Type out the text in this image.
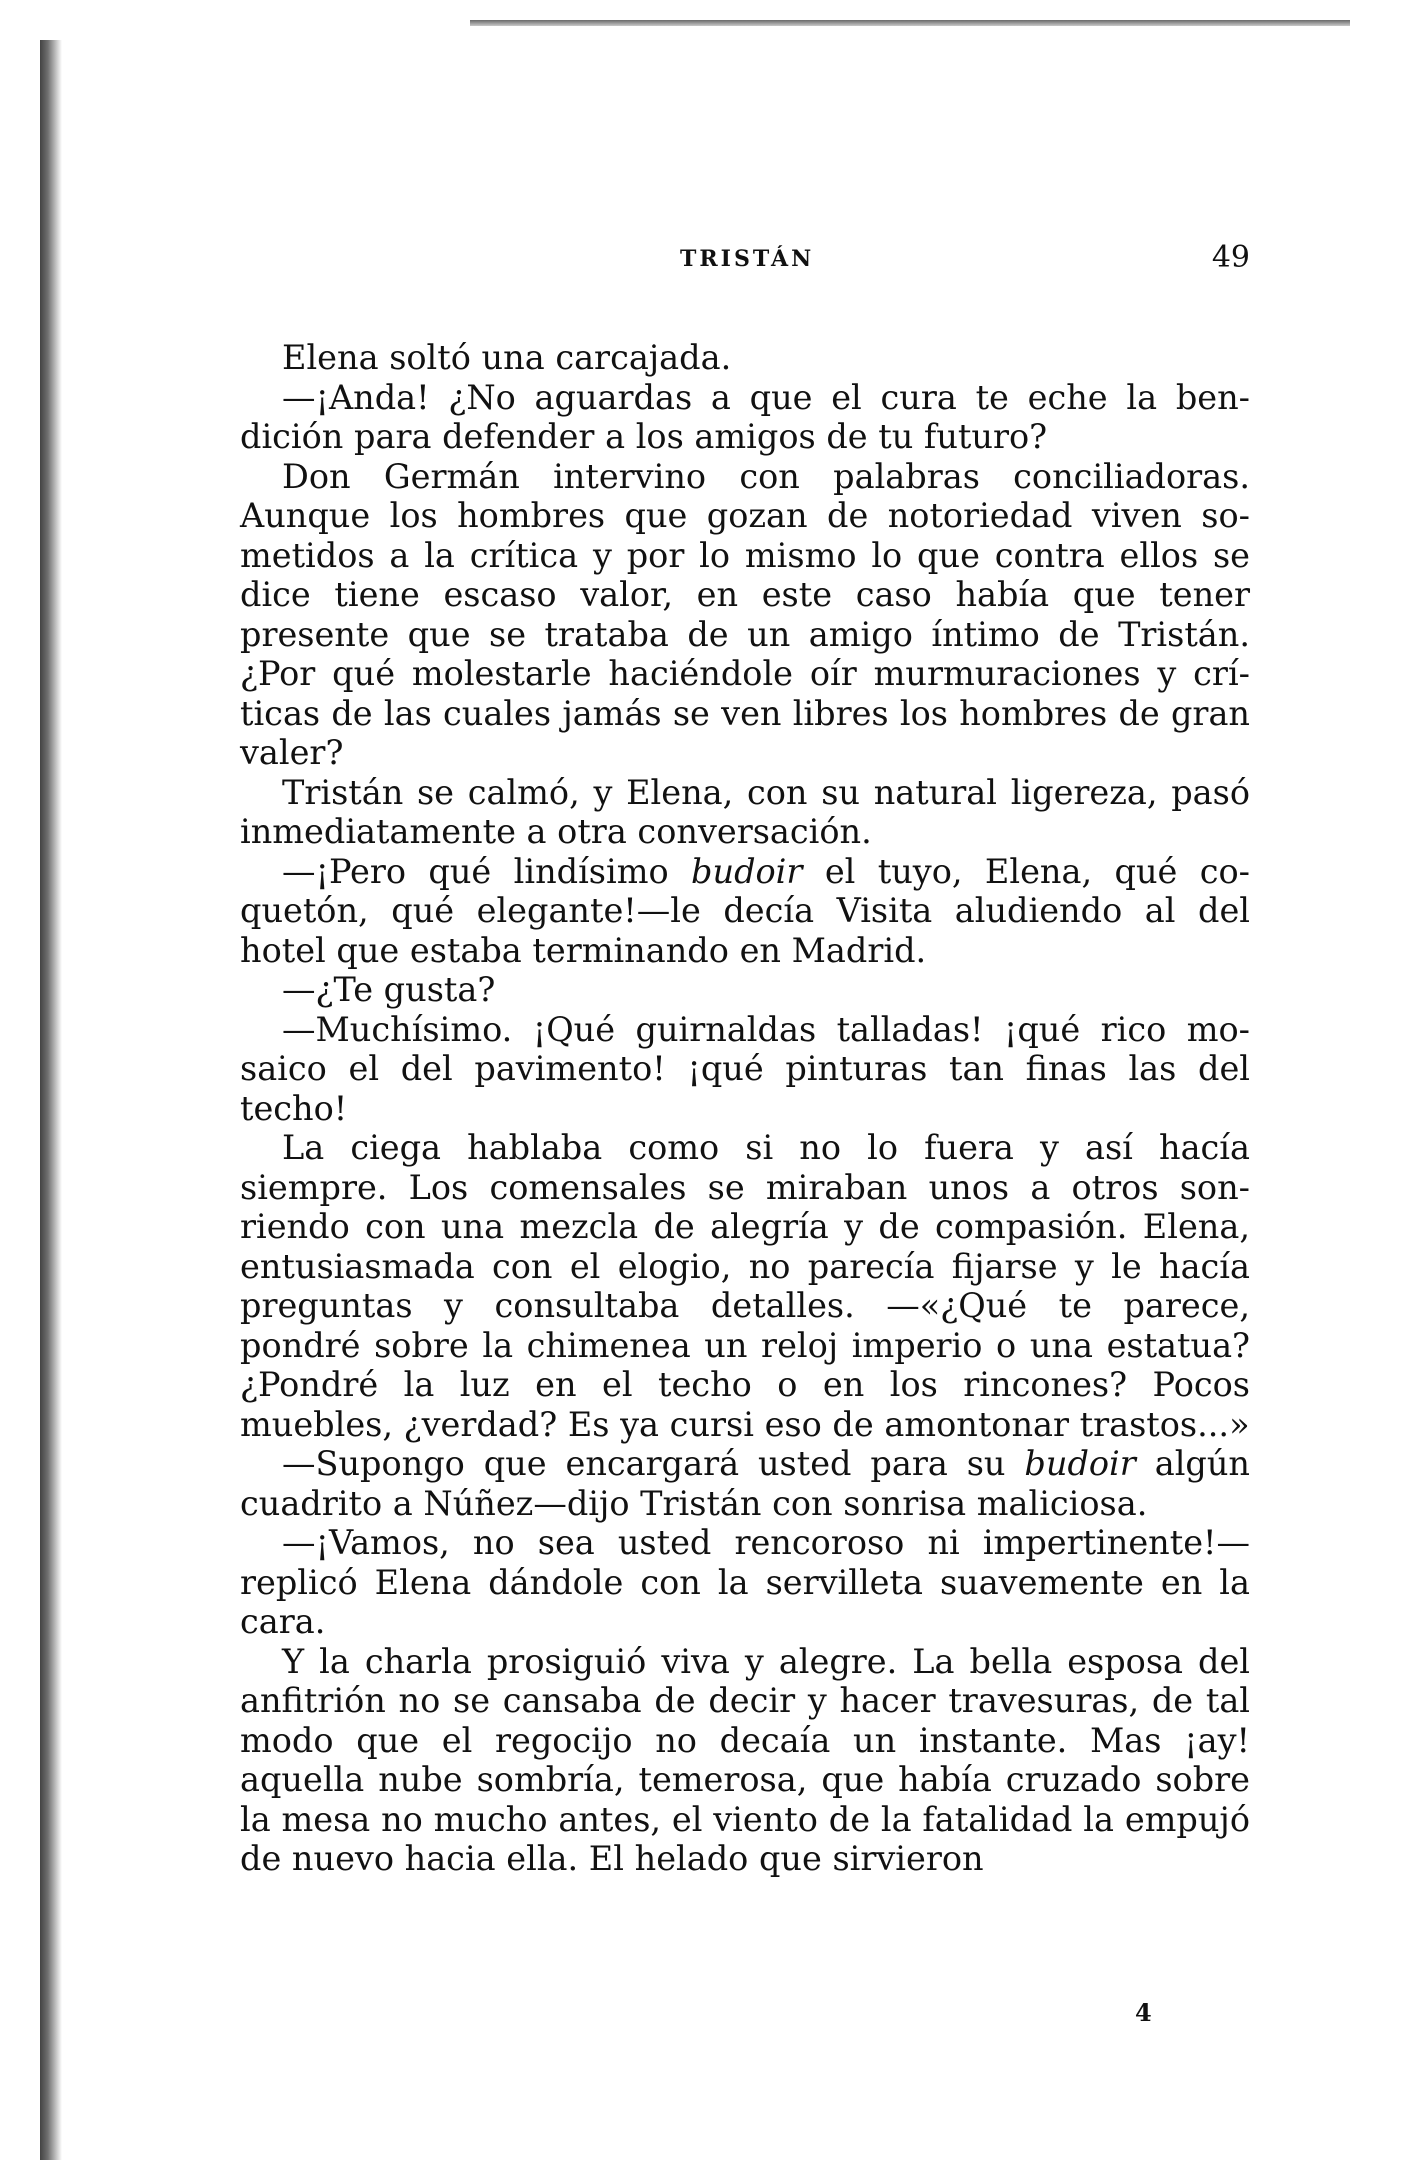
TRISTÁN	49

Elena soltó una carcajada.

—¡Anda! ¿No aguardas a que el cura te eche la bendición para defender a los amigos de tu futuro?

Don Germán intervino con palabras conciliadoras. Aunque los hombres que gozan de notoriedad viven sometidos a la crítica y por lo mismo lo que contra ellos se dice tiene escaso valor, en este caso había que tener presente que se trataba de un amigo íntimo de Tristán. ¿Por qué molestarle haciéndole oír murmuraciones y críticas de las cuales jamás se ven libres los hombres de gran valer?

Tristán se calmó, y Elena, con su natural ligereza, pasó inmediatamente a otra conversación.

—¡Pero qué lindísimo budoir el tuyo, Elena, qué coquetón, qué elegante!—le decía Visita aludiendo al del hotel que estaba terminando en Madrid.

—¿Te gusta?

—Muchísimo. ¡Qué guirnaldas talladas! ¡qué rico mosaico el del pavimento! ¡qué pinturas tan finas las del techo!

La ciega hablaba como si no lo fuera y así hacía siempre. Los comensales se miraban unos a otros sonriendo con una mezcla de alegría y de compasión. Elena, entusiasmada con el elogio, no parecía fijarse y le hacía preguntas y consultaba detalles. —«¿Qué te parece, pondré sobre la chimenea un reloj imperio o una estatua? ¿Pondré la luz en el techo o en los rincones? Pocos muebles, ¿verdad? Es ya cursi eso de amontonar trastos...»

—Supongo que encargará usted para su budoir algún cuadrito a Núñez—dijo Tristán con sonrisa maliciosa.

—¡Vamos, no sea usted rencoroso ni impertinente!—replicó Elena dándole con la servilleta suavemente en la cara.

Y la charla prosiguió viva y alegre. La bella esposa del anfitrión no se cansaba de decir y hacer travesuras, de tal modo que el regocijo no decaía un instante. Mas ¡ay! aquella nube sombría, temerosa, que había cruzado sobre la mesa no mucho antes, el viento de la fatalidad la empujó de nuevo hacia ella. El helado que sirvieron

4
